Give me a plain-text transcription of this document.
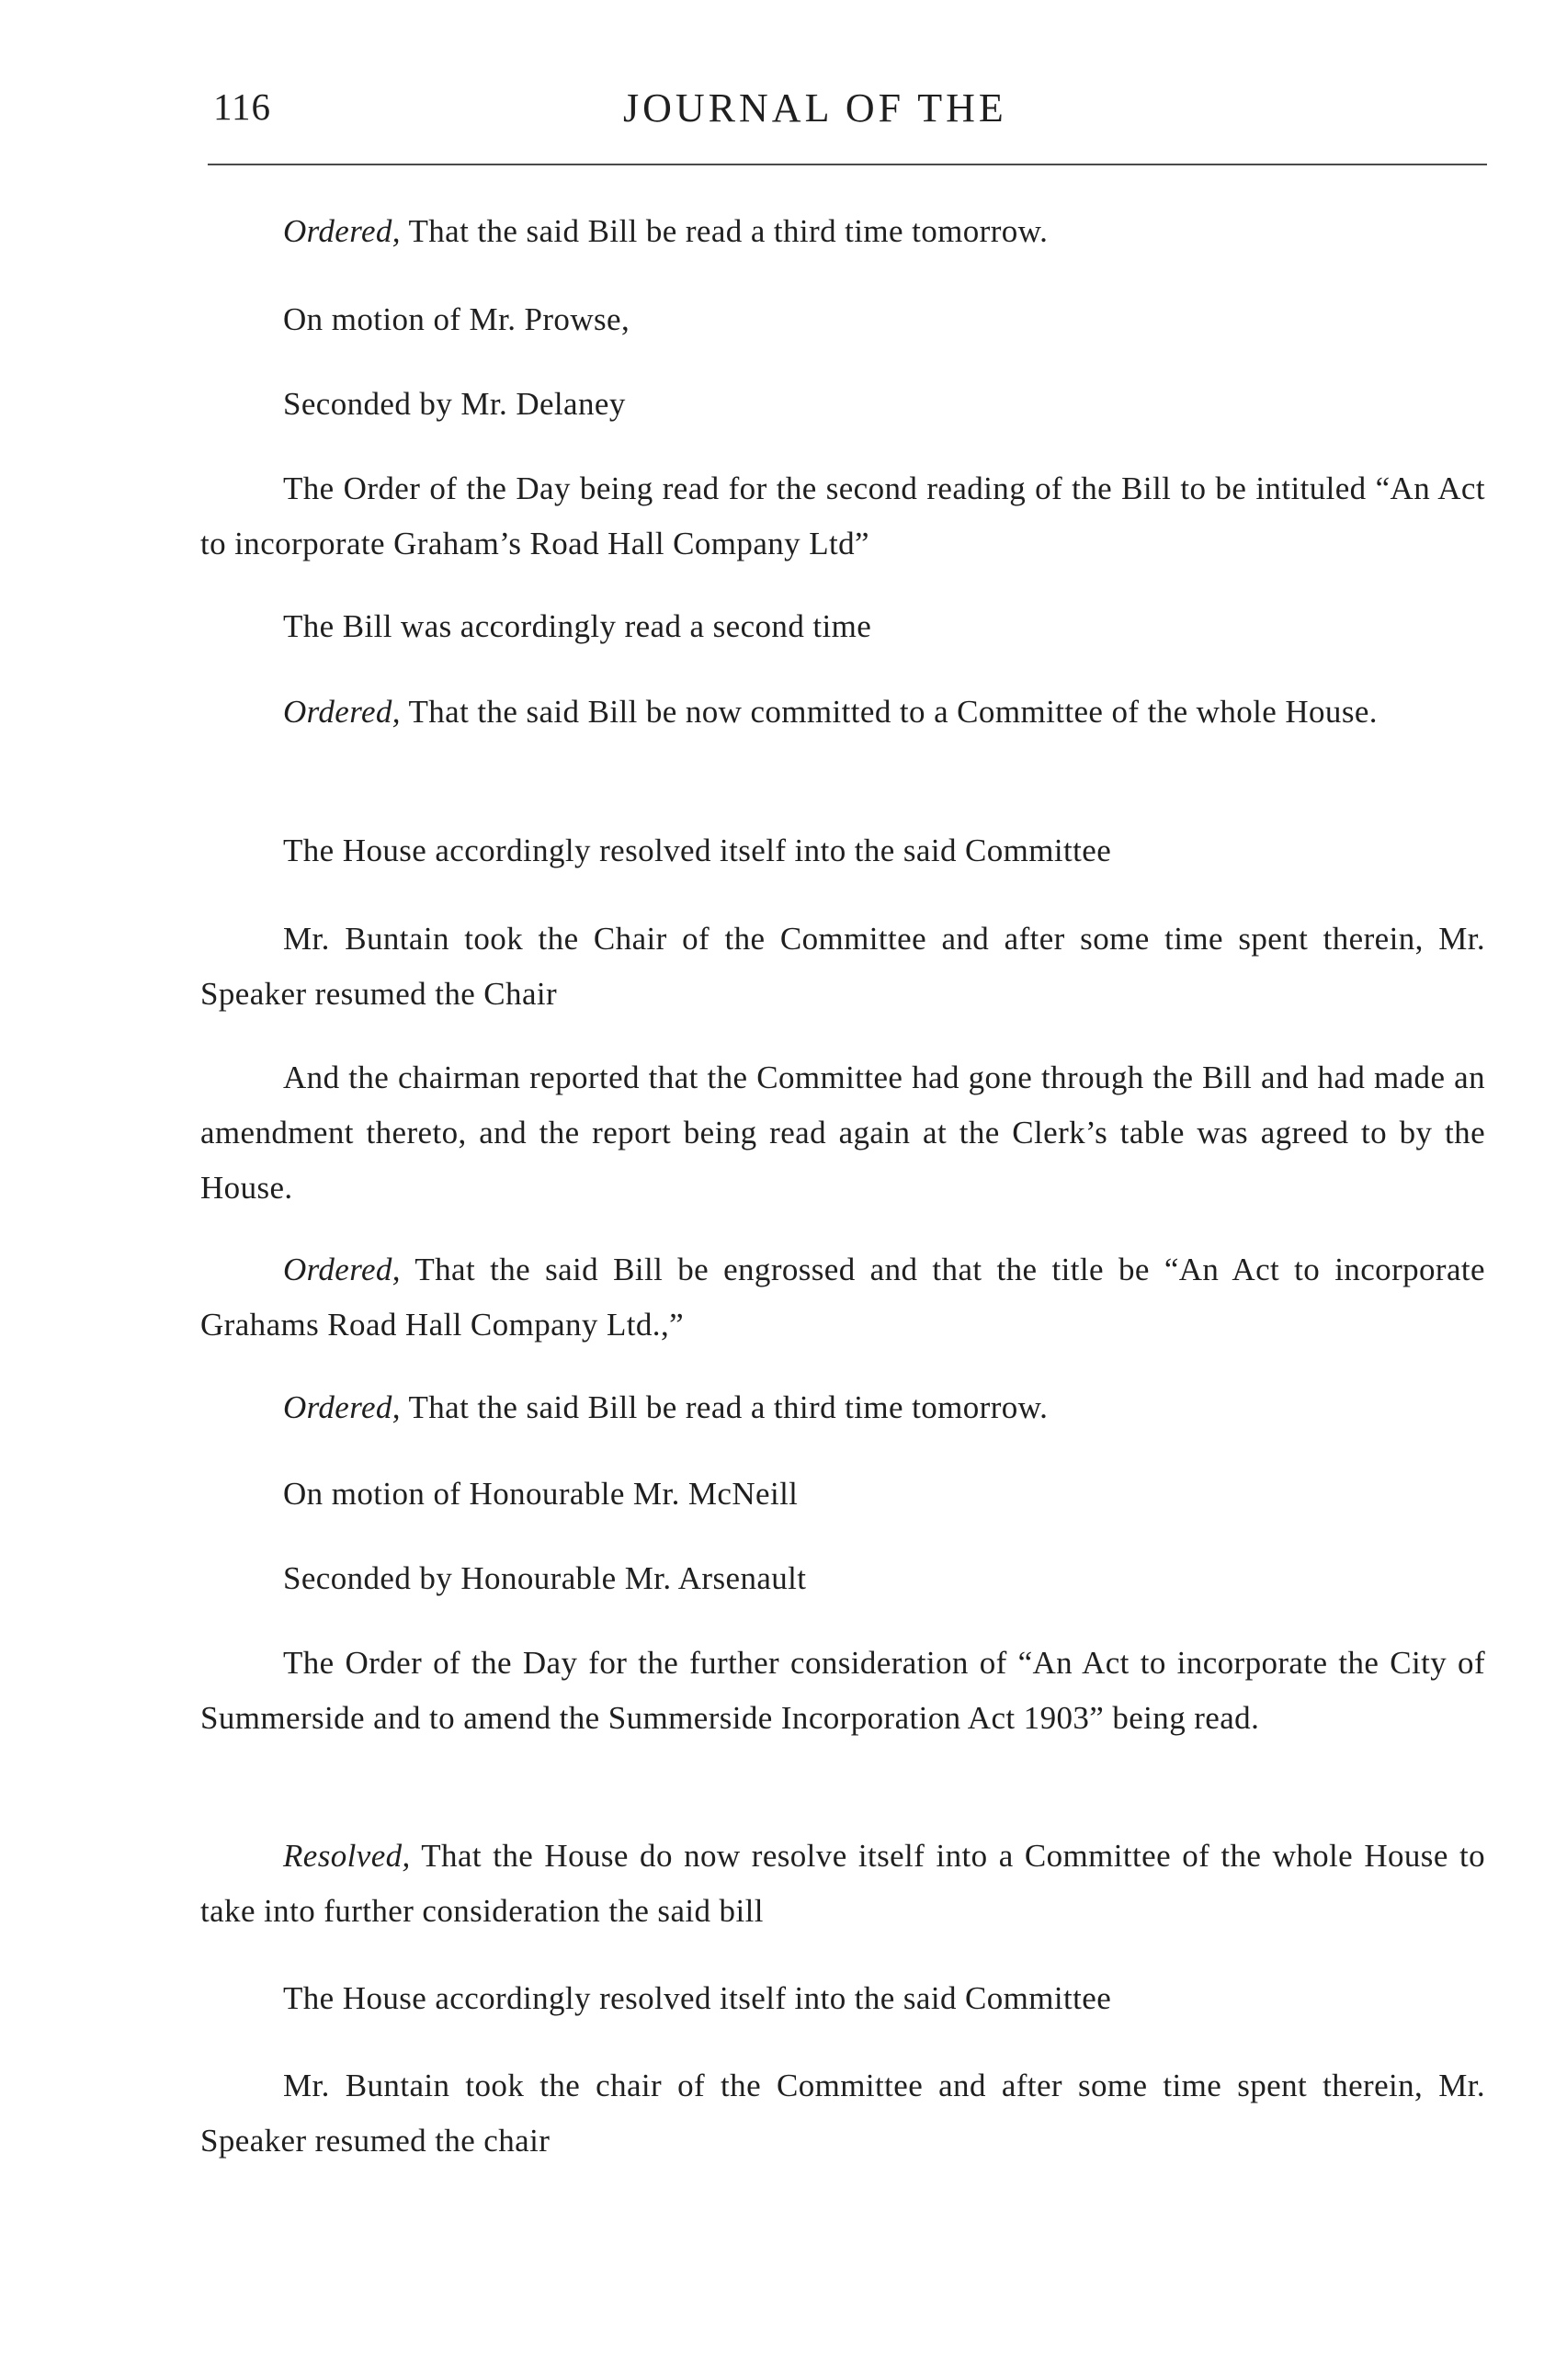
116	JOURNAL OF THE

Ordered, That the said Bill be read a third time tomorrow.

On motion of Mr. Prowse,

Seconded by Mr. Delaney

The Order of the Day being read for the second reading of the Bill to be intituled “An Act to incorporate Graham’s Road Hall Company Ltd”

The Bill was accordingly read a second time

Ordered, That the said Bill be now committed to a Committee of the whole House.

The House accordingly resolved itself into the said Committee

Mr. Buntain took the Chair of the Committee and after some time spent therein, Mr. Speaker resumed the Chair

And the chairman reported that the Committee had gone through the Bill and had made an amendment thereto, and the report being read again at the Clerk’s table was agreed to by the House.

Ordered, That the said Bill be engrossed and that the title be “An Act to incorporate Grahams Road Hall Company Ltd.,”

Ordered, That the said Bill be read a third time tomorrow.

On motion of Honourable Mr. McNeill

Seconded by Honourable Mr. Arsenault

The Order of the Day for the further consideration of “An Act to incorporate the City of Summerside and to amend the Summerside Incorporation Act 1903” being read.

Resolved, That the House do now resolve itself into a Committee of the whole House to take into further consideration the said bill

The House accordingly resolved itself into the said Committee

Mr. Buntain took the chair of the Committee and after some time spent therein, Mr. Speaker resumed the chair
